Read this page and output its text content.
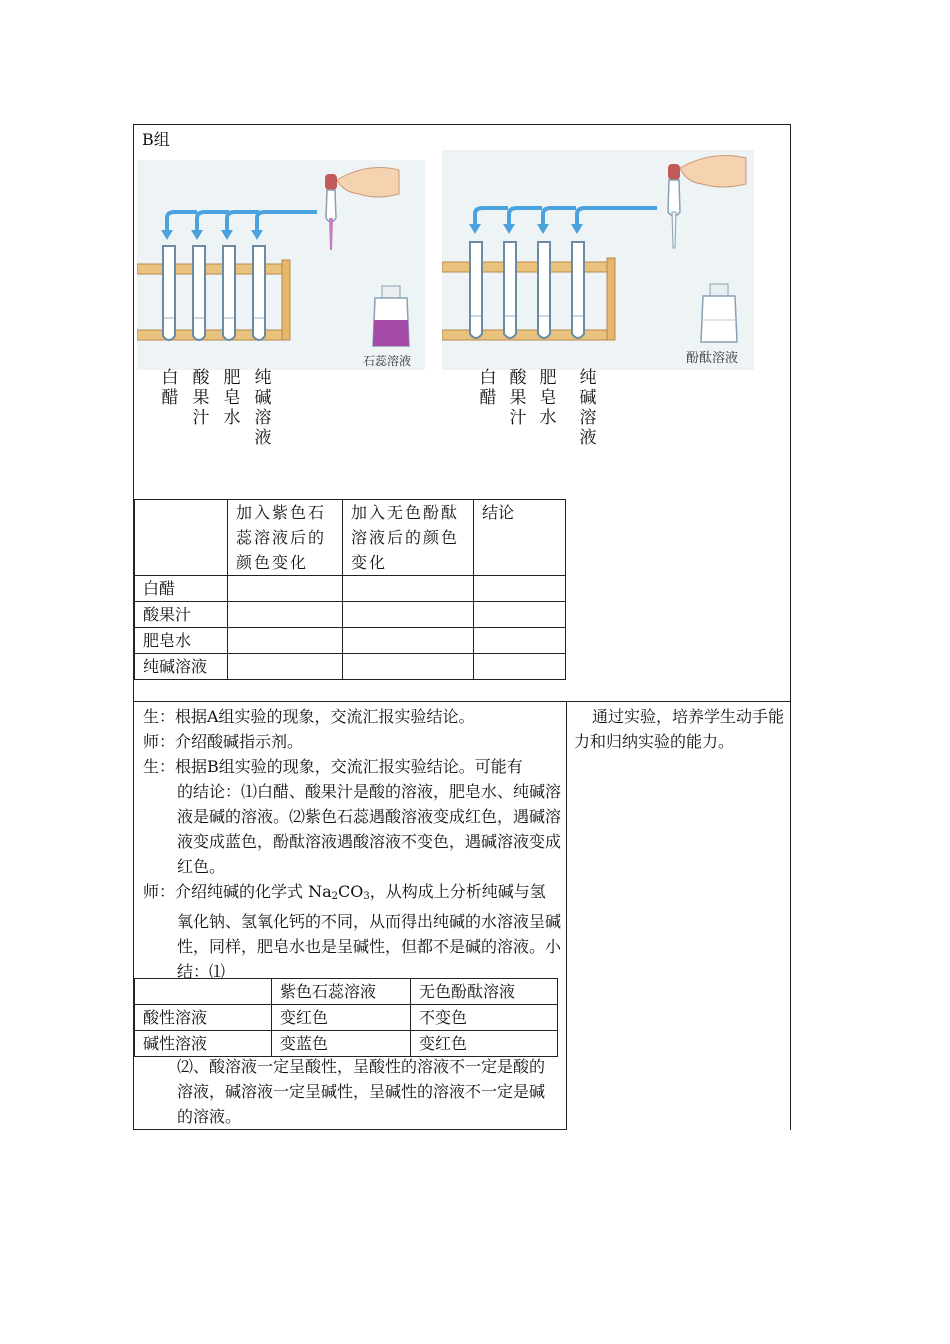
B组
石蕊溶液
白醋
酸果汁
肥皂水
纯碱溶液
酚酞溶液
白醋
酸果汁
肥皂水
纯碱溶液
	加入紫色石蕊溶液后的颜色变化	加入无色酚酞溶液后的颜色变化	结论
白醋			
酸果汁			
肥皂水			
纯碱溶液			

生：根据A组实验的现象，交流汇报实验结论。

师：介绍酸碱指示剂。

生：根据B组实验的现象，交流汇报实验结论。可能有

的结论：⑴白醋、酸果汁是酸的溶液，肥皂水、纯碱溶液是碱的溶液。⑵紫色石蕊遇酸溶液变成红色，遇碱溶液变成蓝色，酚酞溶液遇酸溶液不变色，遇碱溶液变成红色。

师：介绍纯碱的化学式 $Na_2CO_3$，从构成上分析纯碱与氢

氧化钠、氢氧化钙的不同，从而得出纯碱的水溶液呈碱性，同样，肥皂水也是呈碱性，但都不是碱的溶液。小结：⑴

	紫色石蕊溶液	无色酚酞溶液
酸性溶液	变红色	不变色
碱性溶液	变蓝色	变红色

⑵、酸溶液一定呈酸性，呈酸性的溶液不一定是酸的溶液，碱溶液一定呈碱性，呈碱性的溶液不一定是碱的溶液。

通过实验，培养学生动手能力和归纳实验的能力。
